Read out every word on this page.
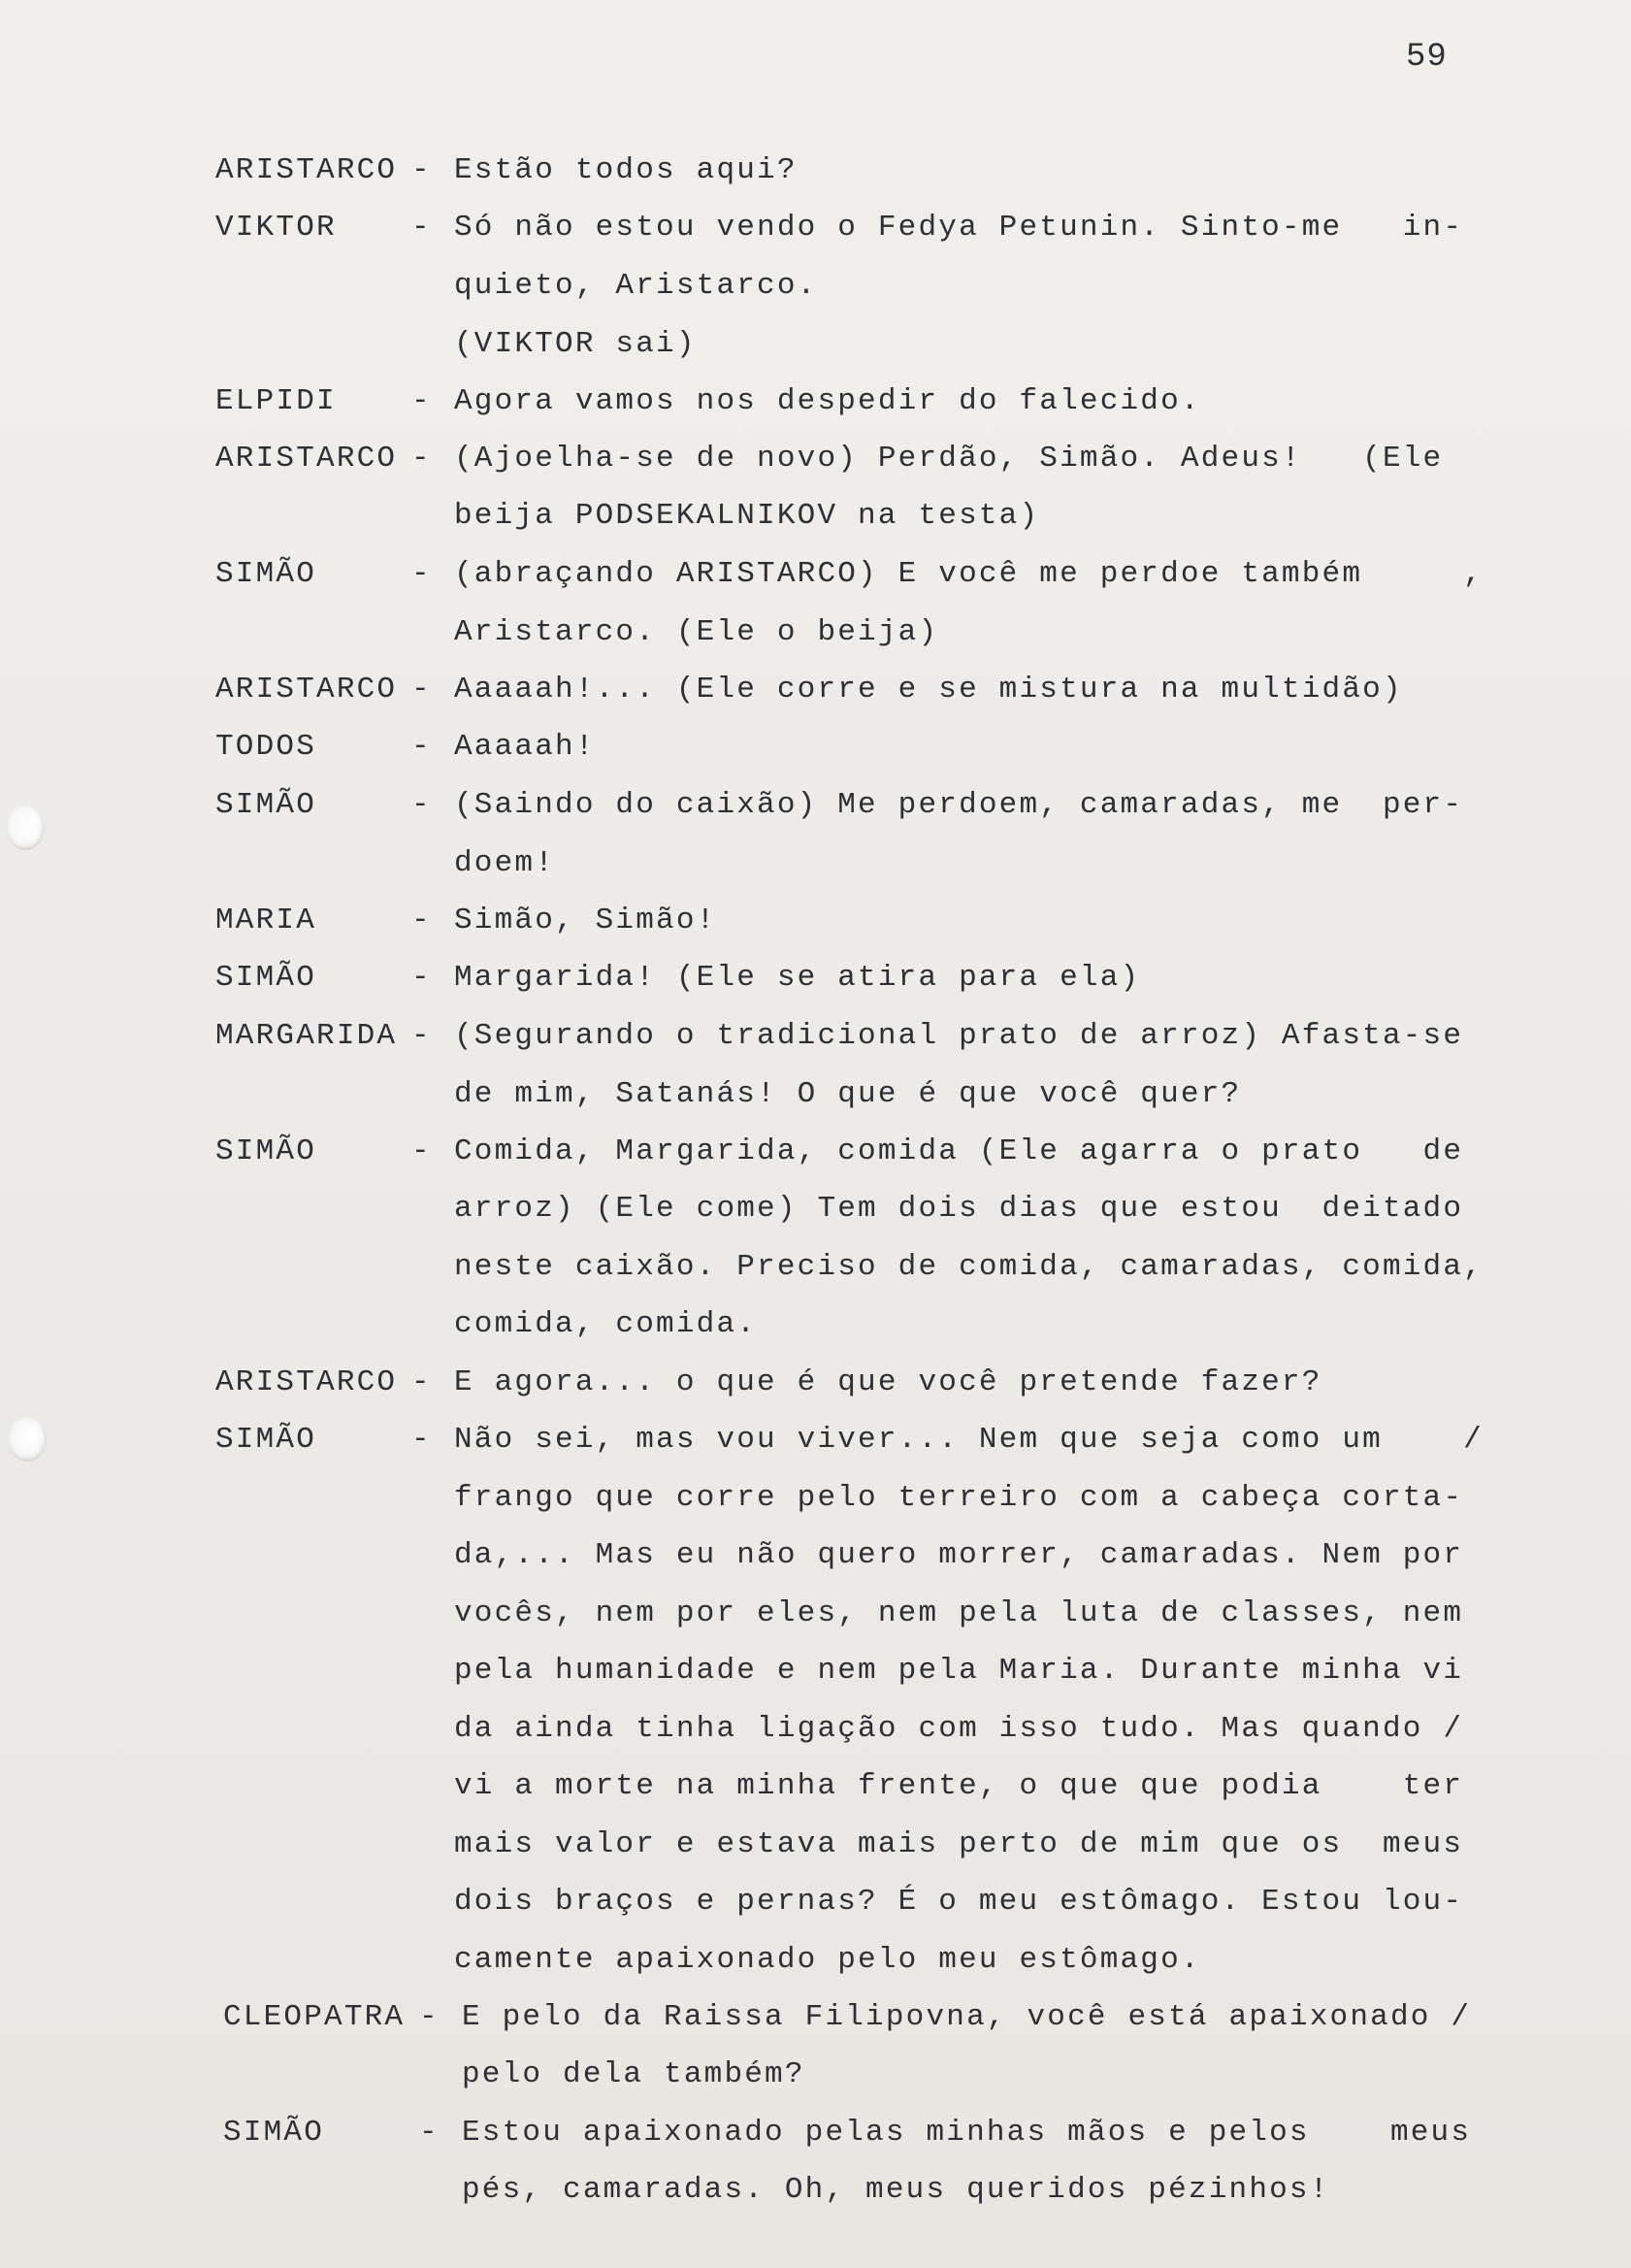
59
ARISTARCO - Estão todos aqui?
VIKTOR	- Só não estou vendo o Fedya Petunin. Sinto-me   in-
quieto, Aristarco.
(VIKTOR sai)
ELPIDI	- Agora vamos nos despedir do falecido.
ARISTARCO - (Ajoelha-se de novo) Perdão, Simão. Adeus!   (Ele
beija PODSEKALNIKOV na testa)
SIMÃO	- (abraçando ARISTARCO) E você me perdoe também     ,
Aristarco. (Ele o beija)
ARISTARCO - Aaaaah!... (Ele corre e se mistura na multidão)
TODOS	- Aaaaah!
SIMÃO	- (Saindo do caixão) Me perdoem, camaradas, me  per-
doem!
MARIA	- Simão, Simão!
SIMÃO	- Margarida! (Ele se atira para ela)
MARGARIDA - (Segurando o tradicional prato de arroz) Afasta-se
de mim, Satanás! O que é que você quer?
SIMÃO	- Comida, Margarida, comida (Ele agarra o prato   de
arroz) (Ele come) Tem dois dias que estou  deitado
neste caixão. Preciso de comida, camaradas, comida,
comida, comida.
ARISTARCO - E agora... o que é que você pretende fazer?
SIMÃO	- Não sei, mas vou viver... Nem que seja como um    /
frango que corre pelo terreiro com a cabeça corta-
da,... Mas eu não quero morrer, camaradas. Nem por
vocês, nem por eles, nem pela luta de classes, nem
pela humanidade e nem pela Maria. Durante minha vi
da ainda tinha ligação com isso tudo. Mas quando /
vi a morte na minha frente, o que que podia    ter
mais valor e estava mais perto de mim que os  meus
dois braços e pernas? É o meu estômago. Estou lou-
camente apaixonado pelo meu estômago.
CLEOPATRA - E pelo da Raissa Filipovna, você está apaixonado /
pelo dela também?
SIMÃO	- Estou apaixonado pelas minhas mãos e pelos    meus
pés, camaradas. Oh, meus queridos pézinhos!
